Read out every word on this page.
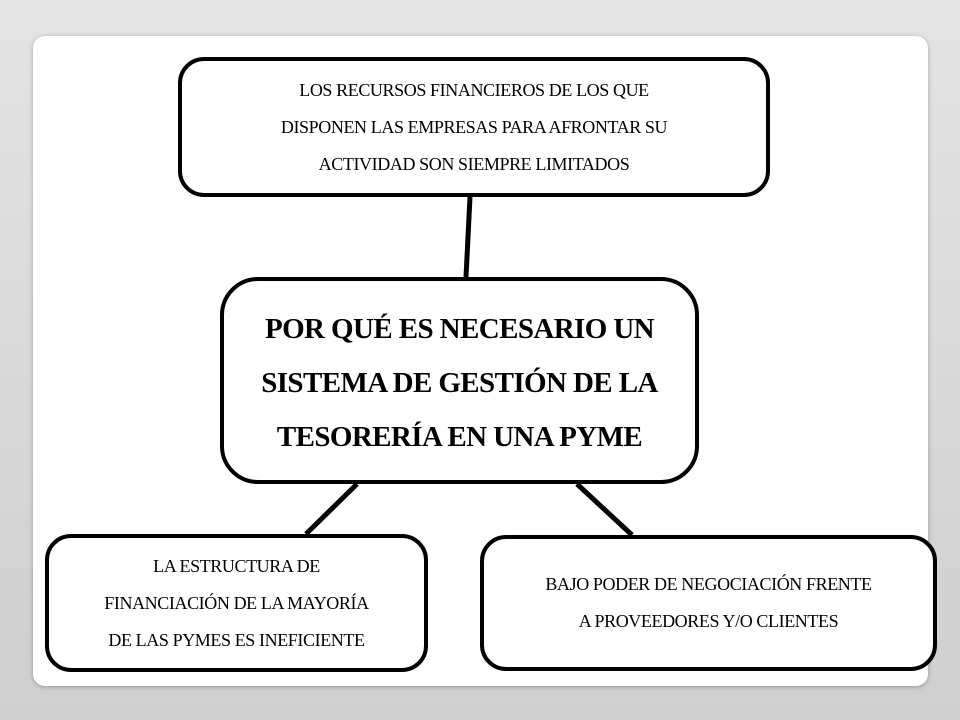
LOS RECURSOS FINANCIEROS DE LOS QUE
DISPONEN LAS EMPRESAS PARA AFRONTAR SU
ACTIVIDAD SON SIEMPRE LIMITADOS
POR QUÉ ES NECESARIO UN
SISTEMA DE GESTIÓN DE LA
TESORERÍA EN UNA PYME
LA ESTRUCTURA DE
FINANCIACIÓN DE LA MAYORÍA
DE LAS PYMES ES INEFICIENTE
BAJO PODER DE NEGOCIACIÓN FRENTE
A PROVEEDORES Y/O CLIENTES
